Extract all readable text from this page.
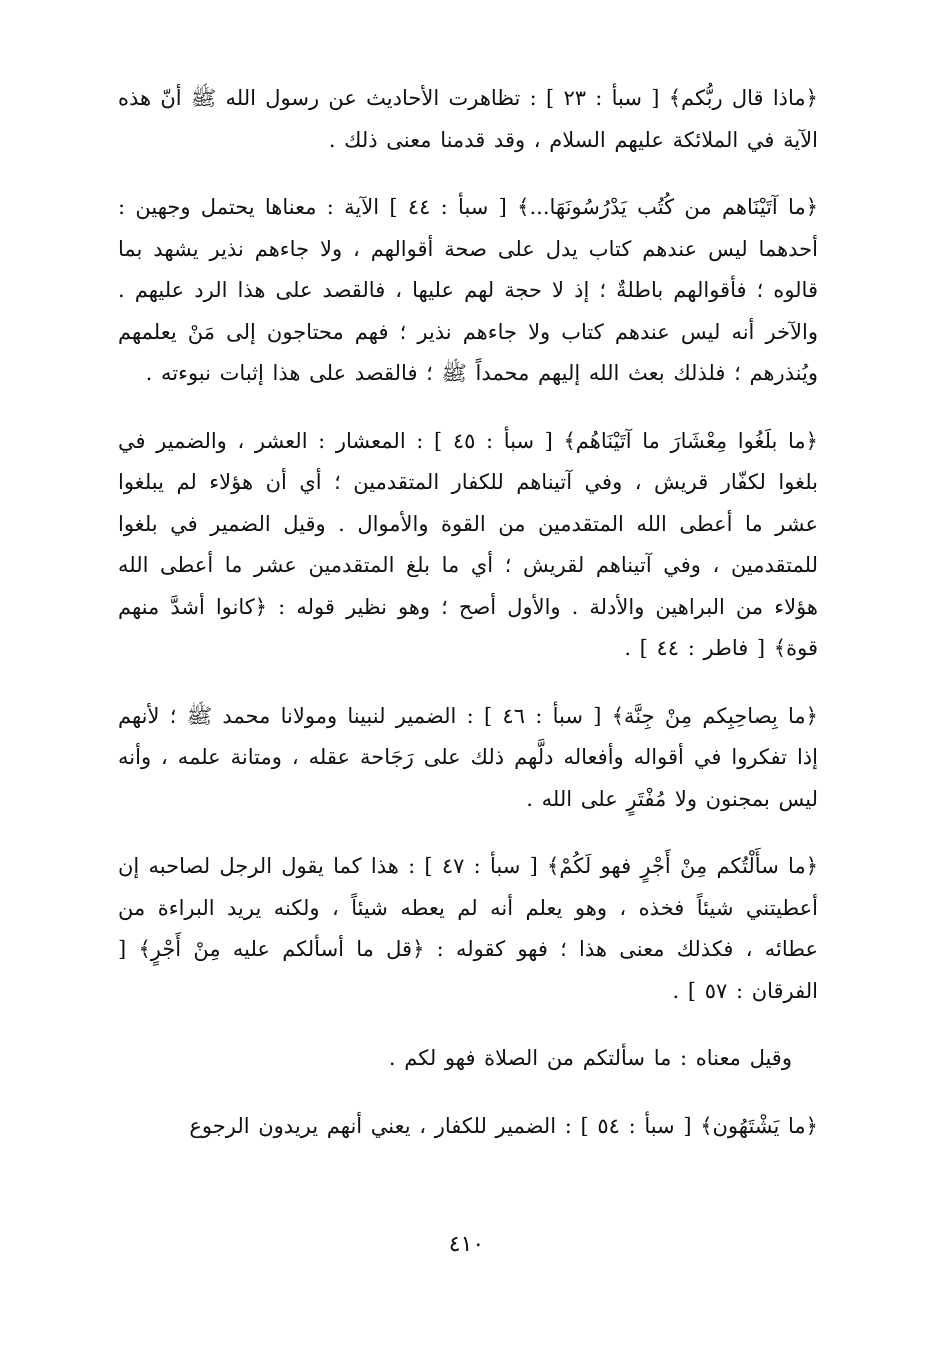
﴿ماذا قال ربُّكم﴾ [ سبأ : ٢٣ ] : تظاهرت الأحاديث عن رسول الله ﷺ أنّ هذه الآية في الملائكة عليهم السلام ، وقد قدمنا معنى ذلك .

﴿ما آتَيْنَاهم من كُتُب يَدْرُسُونَهَا...﴾ [ سبأ : ٤٤ ] الآية : معناها يحتمل وجهين : أحدهما ليس عندهم كتاب يدل على صحة أقوالهم ، ولا جاءهم نذير يشهد بما قالوه ؛ فأقوالهم باطلةٌ ؛ إذ لا حجة لهم عليها ، فالقصد على هذا الرد عليهم . والآخر أنه ليس عندهم كتاب ولا جاءهم نذير ؛ فهم محتاجون إلى مَنْ يعلمهم ويُنذرهم ؛ فلذلك بعث الله إليهم محمداً ﷺ ؛ فالقصد على هذا إثبات نبوءته .

﴿ما بلَغُوا مِعْشَارَ ما آتَيْنَاهُم﴾ [ سبأ : ٤٥ ] : المعشار : العشر ، والضمير في بلغوا لكفّار قريش ، وفي آتيناهم للكفار المتقدمين ؛ أي أن هؤلاء لم يبلغوا عشر ما أعطى الله المتقدمين من القوة والأموال . وقيل الضمير في بلغوا للمتقدمين ، وفي آتيناهم لقريش ؛ أي ما بلغ المتقدمين عشر ما أعطى الله هؤلاء من البراهين والأدلة . والأول أصح ؛ وهو نظير قوله : ﴿كانوا أشدَّ منهم قوة﴾ [ فاطر : ٤٤ ] .

﴿ما بِصاحِبِكم مِنْ جِنَّة﴾ [ سبأ : ٤٦ ] : الضمير لنبينا ومولانا محمد ﷺ ؛ لأنهم إذا تفكروا في أقواله وأفعاله دلَّهم ذلك على رَجَاحة عقله ، ومتانة علمه ، وأنه ليس بمجنون ولا مُفْتَرٍ على الله .

﴿ما سأَلْتُكم مِنْ أَجْرٍ فهو لَكُمْ﴾ [ سبأ : ٤٧ ] : هذا كما يقول الرجل لصاحبه إن أعطيتني شيئاً فخذه ، وهو يعلم أنه لم يعطه شيئاً ، ولكنه يريد البراءة من عطائه ، فكذلك معنى هذا ؛ فهو كقوله : ﴿قل ما أسألكم عليه مِنْ أَجْرٍ﴾ [ الفرقان : ٥٧ ] .

وقيل معناه : ما سألتكم من الصلاة فهو لكم .

﴿ما يَشْتَهُون﴾ [ سبأ : ٥٤ ] : الضمير للكفار ، يعني أنهم يريدون الرجوع

٤١٠
